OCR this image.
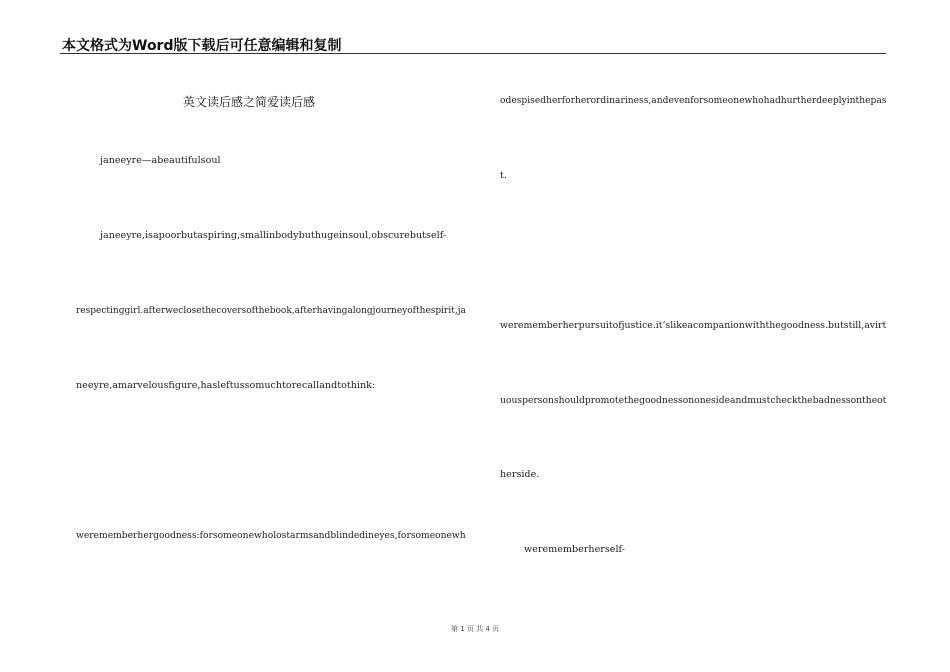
本文格式为Word版下载后可任意编辑和复制
英文读后感之简爱读后感
janeeyre—abeautifulsoul
janeeyre,isapoorbutaspiring,smallinbodybuthugeinsoul,obscurebutself-
respectinggirl.afterweclosethecoversofthebook,afterhavingalongjourneyofthespirit,ja
neeyre,amarvelousfigure,hasleftussomuchtorecallandtothink:
werememberhergoodness:forsomeonewholostarmsandblindedineyes,forsomeonewh
odespisedherforherordinariness,andevenforsomeonewhohadhurtherdeeplyinthepas
t.
werememberherpursuitofjustice.it’slikeacompanionwiththegoodness.butstill,avirt
uouspersonshouldpromotethegoodnessononesideandmustcheckthebadnessontheot
herside.
werememberherself-
第 1 页 共 4 页
